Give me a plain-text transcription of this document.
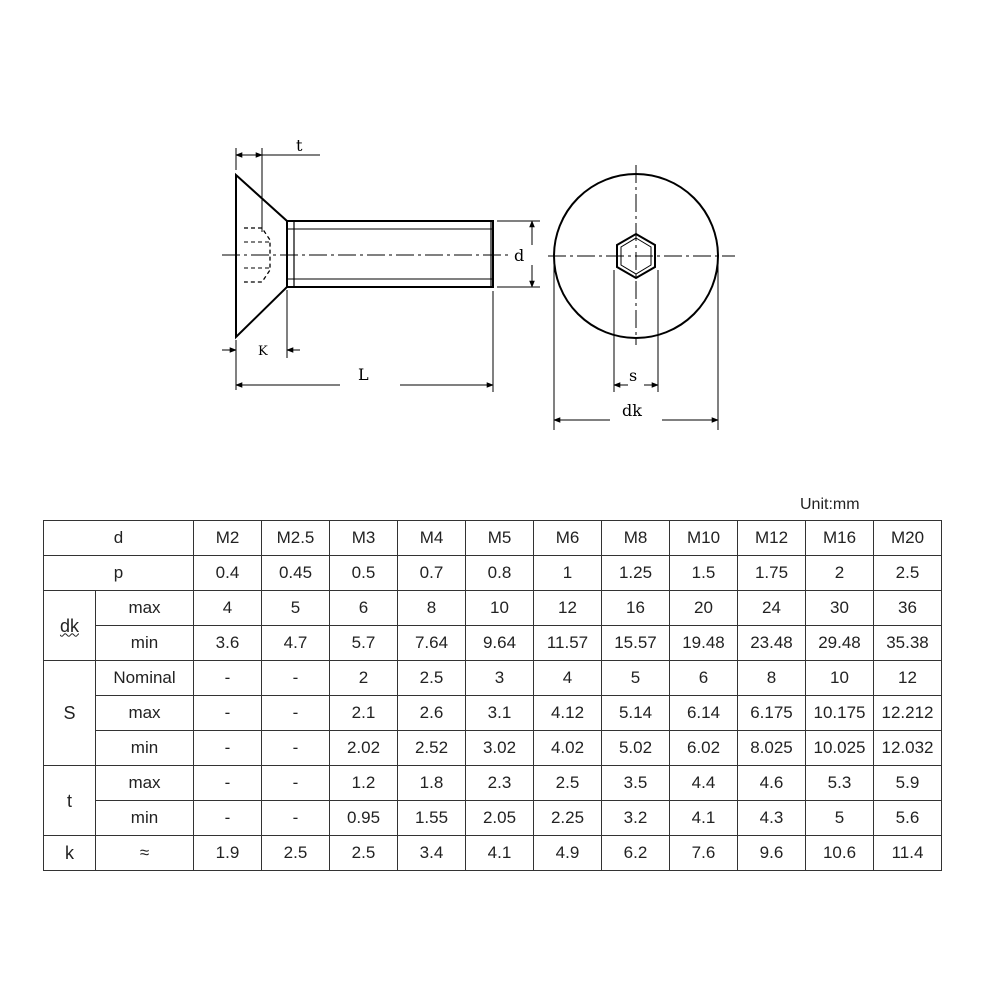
t
d
K
L	s
dk
Unit:mm
d		M2	M2.5	M3	M4	M5	M6	M8	M10	M12	M16	M20
p		0.4	0.45	0.5	0.7	0.8	1	1.25	1.5	1.75	2	2.5
dk	max	4	5	6	8	10	12	16	20	24	30	36
	min	3.6	4.7	5.7	7.64	9.64	11.57	15.57	19.48	23.48	29.48	35.38
S	Nominal	-	-	2	2.5	3	4	5	6	8	10	12
	max	-	-	2.1	2.6	3.1	4.12	5.14	6.14	6.175	10.175	12.212
	min	-	-	2.02	2.52	3.02	4.02	5.02	6.02	8.025	10.025	12.032
t	max	-	-	1.2	1.8	2.3	2.5	3.5	4.4	4.6	5.3	5.9
	min	-	-	0.95	1.55	2.05	2.25	3.2	4.1	4.3	5	5.6
k	≈	1.9	2.5	2.5	3.4	4.1	4.9	6.2	7.6	9.6	10.6	11.4
